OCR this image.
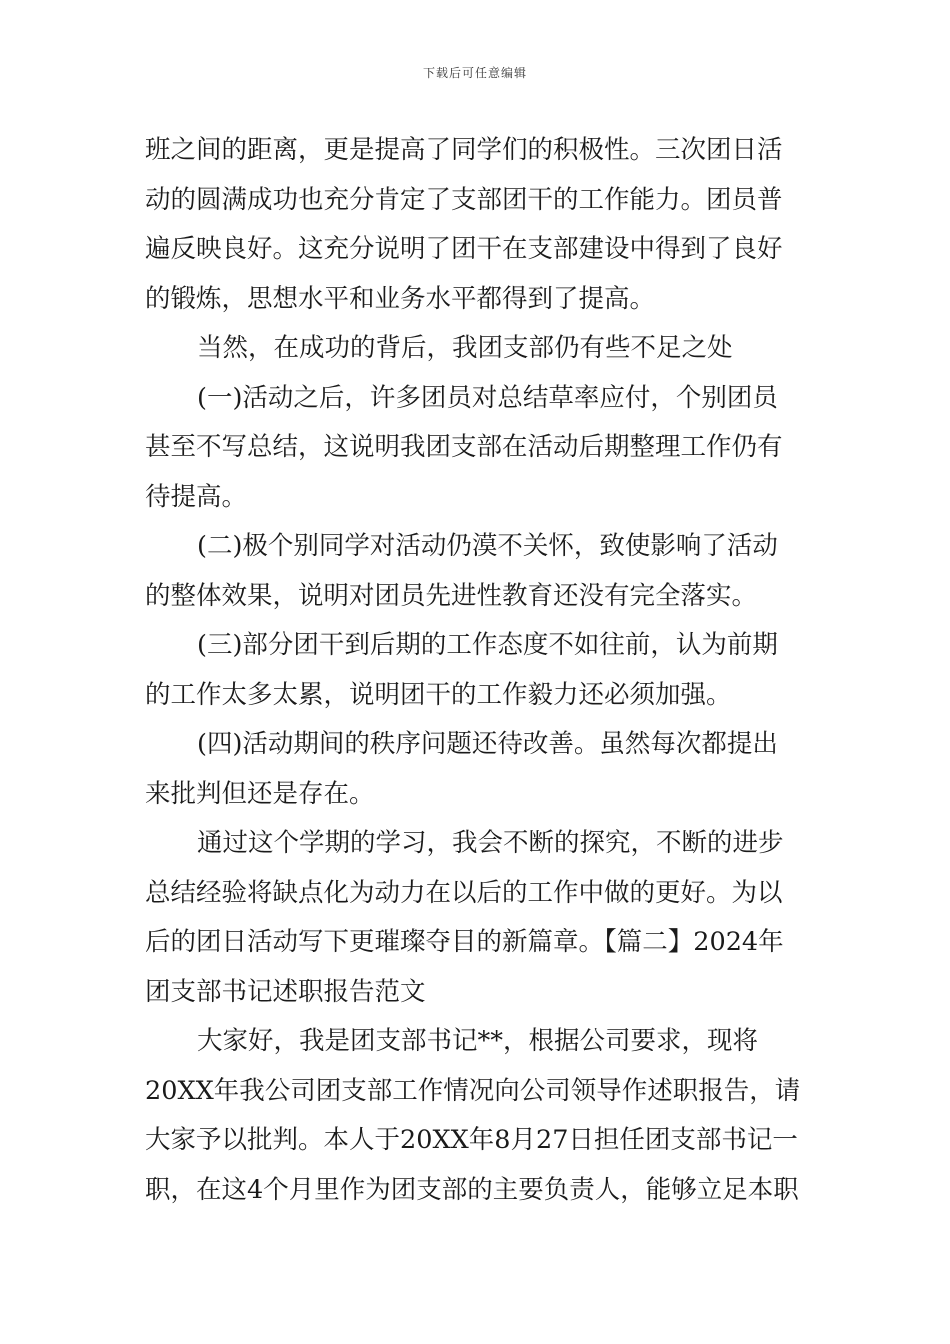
下载后可任意编辑
班之间的距离，更是提高了同学们的积极性。三次团日活
动的圆满成功也充分肯定了支部团干的工作能力。团员普
遍反映良好。这充分说明了团干在支部建设中得到了良好
的锻炼，思想水平和业务水平都得到了提高。
当然，在成功的背后，我团支部仍有些不足之处
(一)活动之后，许多团员对总结草率应付，个别团员
甚至不写总结，这说明我团支部在活动后期整理工作仍有
待提高。
(二)极个别同学对活动仍漠不关怀，致使影响了活动
的整体效果，说明对团员先进性教育还没有完全落实。
(三)部分团干到后期的工作态度不如往前，认为前期
的工作太多太累，说明团干的工作毅力还必须加强。
(四)活动期间的秩序问题还待改善。虽然每次都提出
来批判但还是存在。
通过这个学期的学习，我会不断的探究，不断的进步
总结经验将缺点化为动力在以后的工作中做的更好。为以
后的团日活动写下更璀璨夺目的新篇章。【篇二】2024年
团支部书记述职报告范文
大家好，我是团支部书记**，根据公司要求，现将
20XX年我公司团支部工作情况向公司领导作述职报告，请
大家予以批判。本人于20XX年8月27日担任团支部书记一
职，在这4个月里作为团支部的主要负责人，能够立足本职
